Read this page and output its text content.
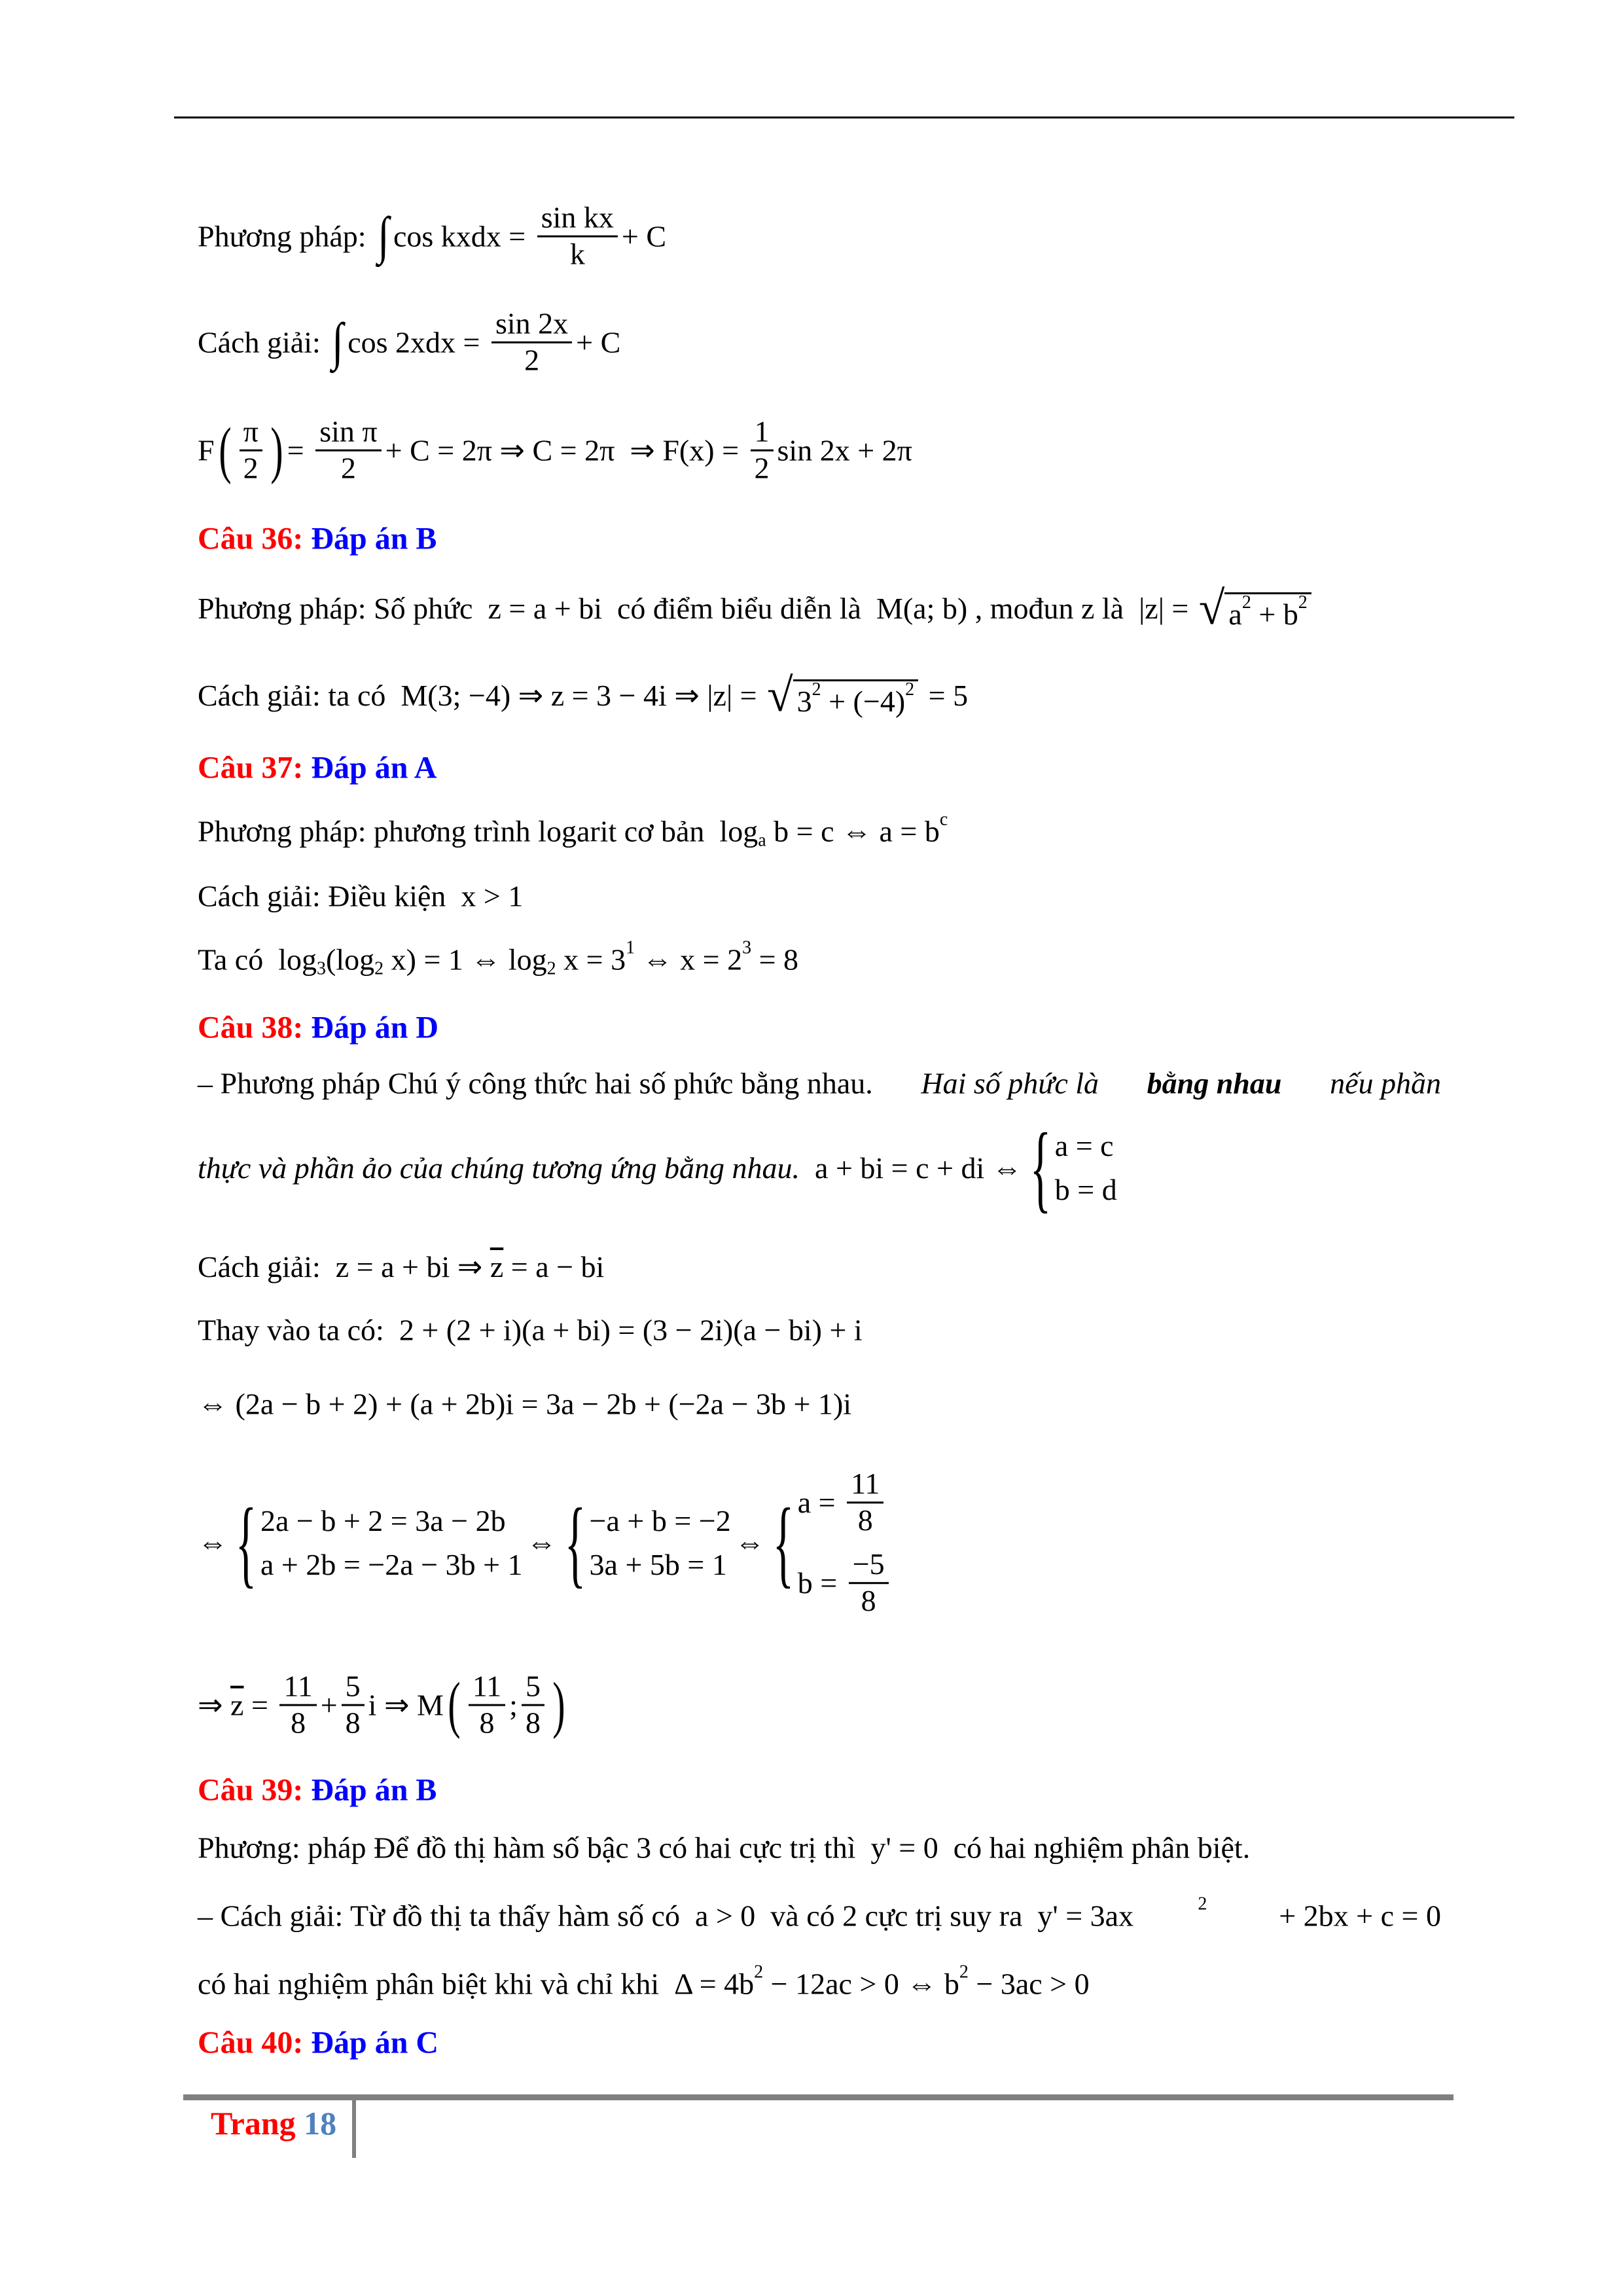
Phương pháp: ∫ cos kxdx = $\frac{\text{sin kx}}{k} + C$
Cách giải: ∫ $\cos 2xdx = \frac{\sin 2x}{2} + C$
F ( $\frac{\pi}{2}$ ) = $\frac{\text{sin π}}{2} + C = 2\pi$ ⇒ C = 2π  ⇒ $F(x) = \frac{1}{2}$ sin 2x + 2π
Câu 36: Đáp án B
Phương pháp: Số phức  z = a + bi  có điểm biểu diễn là  M(a; b) , mođun z là  |z| = √ a 2 + b 2
Cách giải: ta có  M(3; −4) ⇒ z = 3 − 4i ⇒ |z| = √ 3 2 + (−4) 2 = 5
Câu 37: Đáp án A
Phương pháp: phương trình logarit cơ bản  log a b = c ⇔ a = b c
Cách giải: Điều kiện  x > 1
Ta có  log 3 (log 2 x) = 1 ⇔ log 2 x = 3 1 ⇔ x = 2 3 = 8
Câu 38: Đáp án D
– Phương pháp Chú ý công thức hai số phức bằng nhau. Hai số phức là bằng nhau nếu phần
thực và phần ảo của chúng tương ứng bằng nhau. a + bi = c + di ⇔ { a = c
b = d
Cách giải:  z = a + bi ⇒ $\overline{z} = a$ − bi
Thay vào ta có:  2 + (2 + i)(a + bi) = (3 − 2i)(a − bi) + i
⇔ (2a − b + 2) + (a + 2b)i = 3a − 2b + (−2a − 3b + 1)i
⇔ { 2a − b + 2 = 3a − 2b
a + 2b = −2a − 3b + 1
⇔ { −a + b = −2
3a + 5b = 1
⇔ { $a = \frac{11}{8}$
$b = \frac{-5}{8}$
⇒ $\overline{z} = \frac{11}{8} + \frac{5}{8}$ i ⇒ M ( $\frac{11}{8}$ ; $\frac{5}{8}$ )
Câu 39: Đáp án B
Phương: pháp Để đồ thị hàm số bậc 3 có hai cực trị thì  y' = 0  có hai nghiệm phân biệt.
– Cách giải: Từ đồ thị ta thấy hàm số có  a > 0  và có 2 cực trị suy ra  y' = 3ax	2 + 2bx + c = 0
có hai nghiệm phân biệt khi và chỉ khi  Δ = 4b 2 − 12ac > 0 ⇔ b 2 − 3ac > 0
Câu 40: Đáp án C
Trang 18
